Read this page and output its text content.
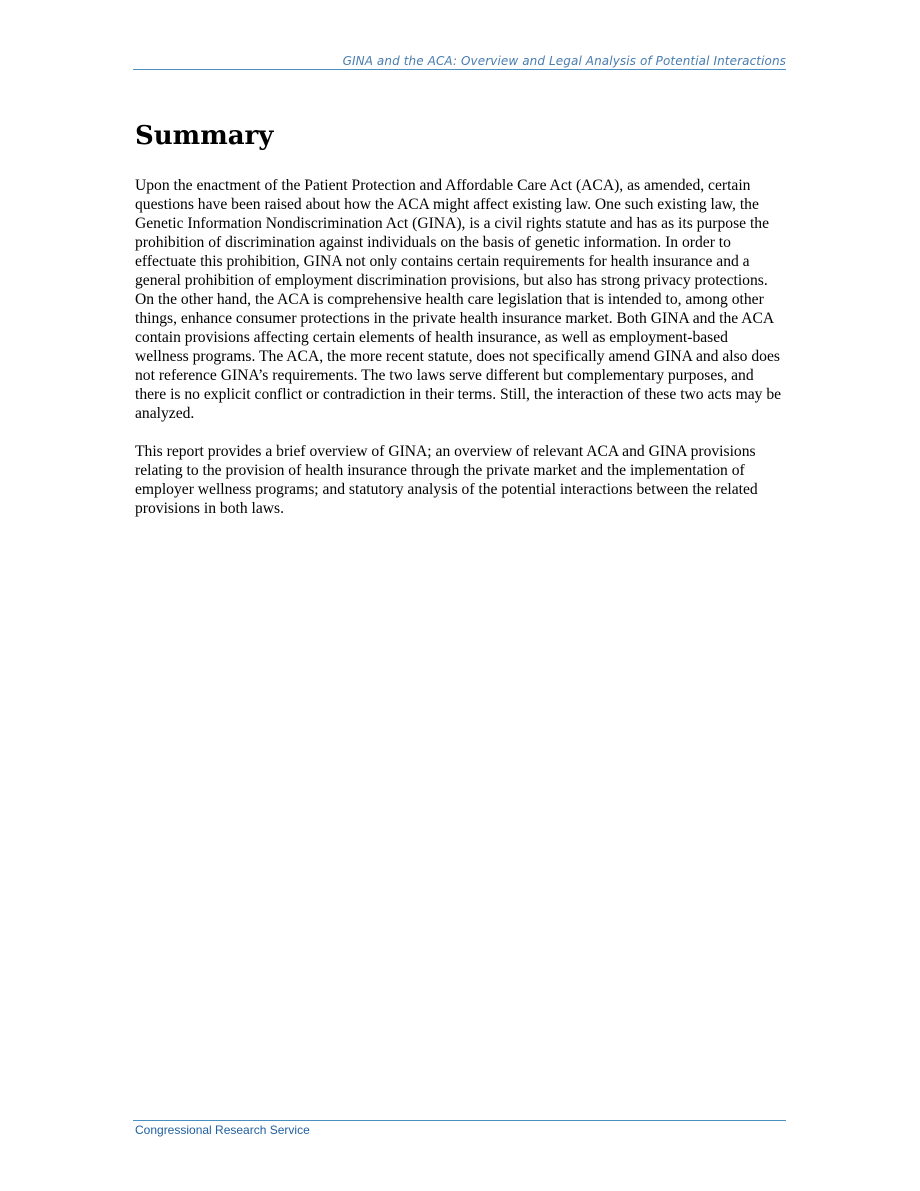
GINA and the ACA: Overview and Legal Analysis of Potential Interactions
Summary

Upon the enactment of the Patient Protection and Affordable Care Act (ACA), as amended, certain questions have been raised about how the ACA might affect existing law. One such existing law, the Genetic Information Nondiscrimination Act (GINA), is a civil rights statute and has as its purpose the prohibition of discrimination against individuals on the basis of genetic information. In order to effectuate this prohibition, GINA not only contains certain requirements for health insurance and a general prohibition of employment discrimination provisions, but also has strong privacy protections. On the other hand, the ACA is comprehensive health care legislation that is intended to, among other things, enhance consumer protections in the private health insurance market. Both GINA and the ACA contain provisions affecting certain elements of health insurance, as well as employment-based wellness programs. The ACA, the more recent statute, does not specifically amend GINA and also does not reference GINA’s requirements. The two laws serve different but complementary purposes, and there is no explicit conflict or contradiction in their terms. Still, the interaction of these two acts may be analyzed.

This report provides a brief overview of GINA; an overview of relevant ACA and GINA provisions relating to the provision of health insurance through the private market and the implementation of employer wellness programs; and statutory analysis of the potential interactions between the related provisions in both laws.

Congressional Research Service
